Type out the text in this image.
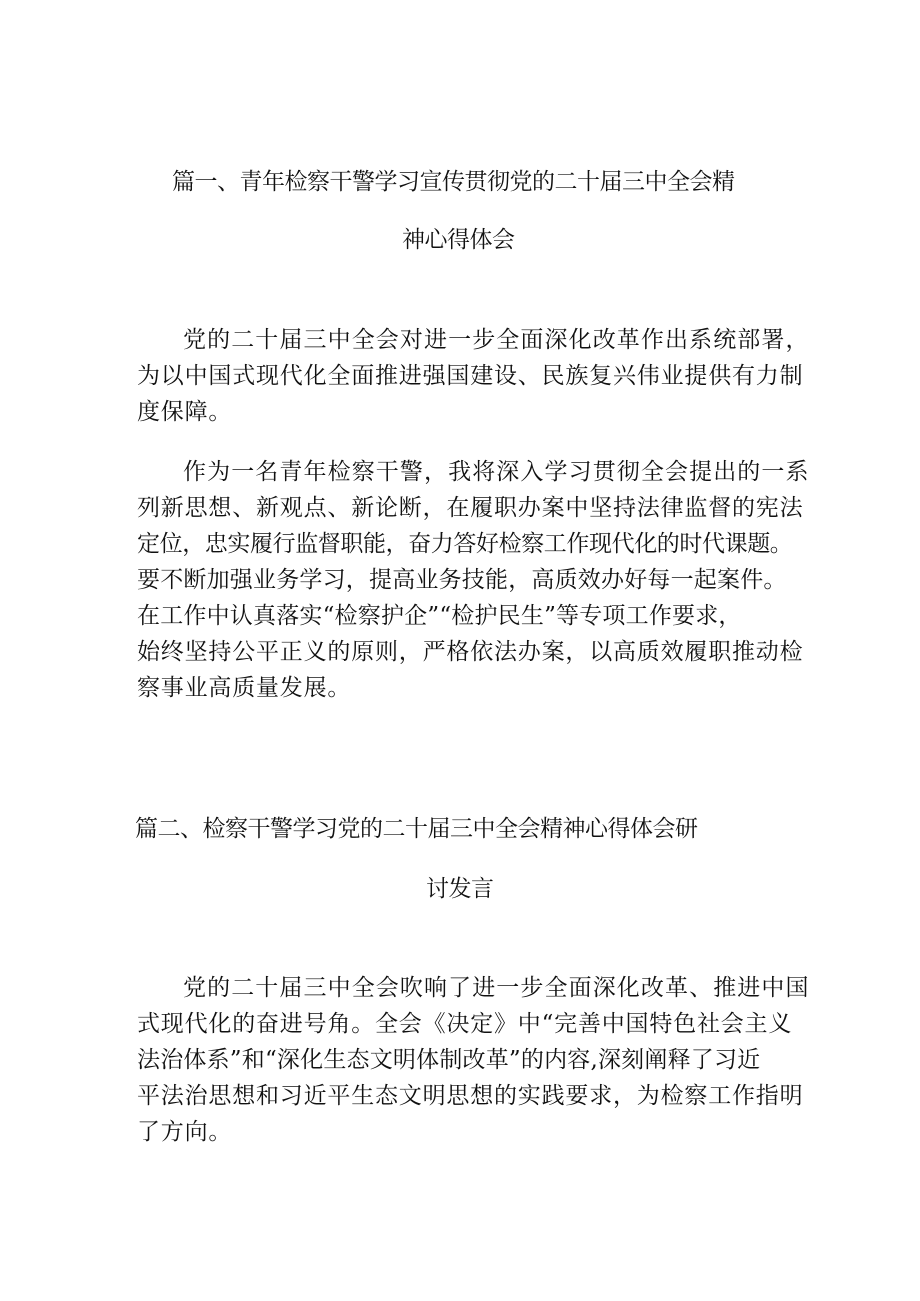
篇一、青年检察干警学习宣传贯彻党的二十届三中全会精
神心得体会

党的二十届三中全会对进一步全面深化改革作出系统部署，
为以中国式现代化全面推进强国建设、民族复兴伟业提供有力制
度保障。

作为一名青年检察干警，我将深入学习贯彻全会提出的一系
列新思想、新观点、新论断，在履职办案中坚持法律监督的宪法
定位，忠实履行监督职能，奋力答好检察工作现代化的时代课题。
要不断加强业务学习，提高业务技能，高质效办好每一起案件。
在工作中认真落实“检察护企”“检护民生”等专项工作要求，
始终坚持公平正义的原则，严格依法办案，以高质效履职推动检
察事业高质量发展。

篇二、检察干警学习党的二十届三中全会精神心得体会研
讨发言

党的二十届三中全会吹响了进一步全面深化改革、推进中国
式现代化的奋进号角。全会《决定》中“完善中国特色社会主义
法治体系”和“深化生态文明体制改革”的内容,深刻阐释了习近
平法治思想和习近平生态文明思想的实践要求，为检察工作指明
了方向。
